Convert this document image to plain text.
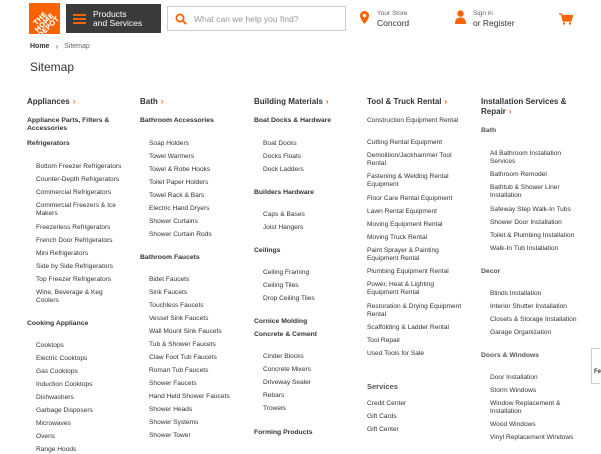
THE HOME DEPOT
Products
and Services
What can we help you find?
Your Store
Concord
Sign in
or Register
Home › Sitemap
Sitemap
Appliances ›
Appliance Parts, Filters & Accessories
Refrigerators
Bottom Freezer Refrigerators
Counter-Depth Refrigerators
Commercial Refrigerators
Commercial Freezers & Ice Makers
Freezerless Refrigerators
French Door Refrigerators
Mini Refrigerators
Side by Side Refrigerators
Top Freezer Refrigerators
Wine, Beverage & Keg Coolers
Cooking Appliance
Cooktops
Electric Cooktops
Gas Cooktops
Induction Cooktops
Dishwashers
Garbage Disposers
Microwaves
Ovens
Range Hoods
Bath ›
Bathroom Accessories
Soap Holders
Towel Warmers
Towel & Robe Hooks
Toilet Paper Holders
Towel Rack & Bars
Electric Hand Dryers
Shower Curtains
Shower Curtain Rods
Bathroom Faucets
Bidet Faucets
Sink Faucets
Touchless Faucets
Vessel Sink Faucets
Wall Mount Sink Faucets
Tub & Shower Faucets
Claw Foot Tub Faucets
Roman Tub Faucets
Shower Faucets
Hand Held Shower Faucets
Shower Heads
Shower Systems
Shower Tower
Building Materials ›
Boat Docks & Hardware
Boat Docks
Docks Floats
Dock Ladders
Builders Hardware
Caps & Bases
Joist Hangers
Ceilings
Ceiling Framing
Ceiling Tiles
Drop Ceiling Tiles
Cornice Molding
Concrete & Cement
Cinder Blocks
Concrete Mixers
Driveway Sealer
Rebars
Trowels
Forming Products
Tool & Truck Rental ›
Construction Equipment Rental
Cutting Rental Equipment
Demolition/Jackhammer Tool Rental
Fastening & Welding Rental Equipment
Floor Care Rental Equipment
Lawn Rental Equipment
Moving Equipment Rental
Moving Truck Rental
Paint Sprayer & Painting Equipment Rental
Plumbing Equipment Rental
Power, Heat & Lighting Equipment Rental
Restoration & Drying Equipment Rental
Scaffolding & Ladder Rental
Tool Repair
Used Tools for Sale
Services
Credit Center
Gift Cards
Gift Center
Installation Services &
Repair ›
Bath
All Bathroom Installation Services
Bathroom Remodel
Bathtub & Shower Liner Installation
Safeway Step Walk-In Tubs
Shower Door Installation
Toilet & Plumbing Installation
Walk-In Tub Installation
Decor
Blinds Installation
Interior Shutter Installation
Closets & Storage Installation
Garage Organization
Doors & Windows
Door Installation
Storm Windows
Window Replacement & Installation
Wood Windows
Vinyl Replacement Windows
Fe
